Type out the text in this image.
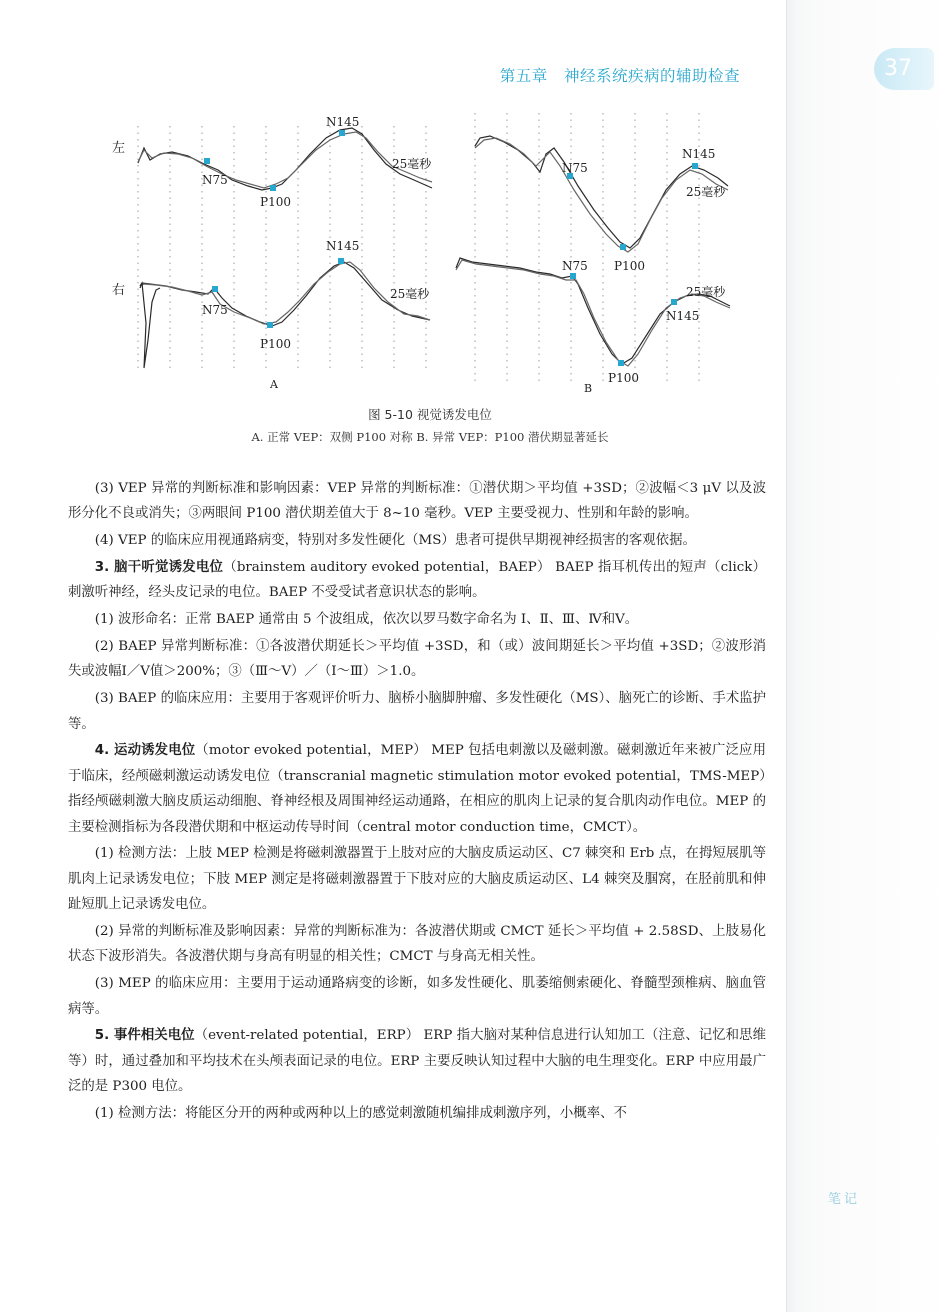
第五章 神经系统疾病的辅助检查	37
左
右
N75
P100
N145
25毫秒
N75
P100
N145
25毫秒
A
N75
P100
N145
25毫秒
N75
P100
N145
25毫秒
B
图 5-10 视觉诱发电位
A. 正常 VEP：双侧 P100 对称 B. 异常 VEP：P100 潜伏期显著延长

(3) VEP 异常的判断标准和影响因素：VEP 异常的判断标准：①潜伏期＞平均值 +3SD；②波幅＜3 μV 以及波形分化不良或消失；③两眼间 P100 潜伏期差值大于 8~10 毫秒。VEP 主要受视力、性别和年龄的影响。

(4) VEP 的临床应用视通路病变，特别对多发性硬化（MS）患者可提供早期视神经损害的客观依据。

3. 脑干听觉诱发电位（brainstem auditory evoked potential，BAEP） BAEP 指耳机传出的短声（click）刺激听神经，经头皮记录的电位。BAEP 不受受试者意识状态的影响。

(1) 波形命名：正常 BAEP 通常由 5 个波组成，依次以罗马数字命名为 Ⅰ、Ⅱ、Ⅲ、Ⅳ和Ⅴ。

(2) BAEP 异常判断标准：①各波潜伏期延长＞平均值 +3SD，和（或）波间期延长＞平均值 +3SD；②波形消失或波幅Ⅰ／Ⅴ值＞200%；③（Ⅲ～Ⅴ）／（Ⅰ～Ⅲ）＞1.0。

(3) BAEP 的临床应用：主要用于客观评价听力、脑桥小脑脚肿瘤、多发性硬化（MS）、脑死亡的诊断、手术监护等。

4. 运动诱发电位（motor evoked potential，MEP） MEP 包括电刺激以及磁刺激。磁刺激近年来被广泛应用于临床，经颅磁刺激运动诱发电位（transcranial magnetic stimulation motor evoked potential，TMS-MEP）指经颅磁刺激大脑皮质运动细胞、脊神经根及周围神经运动通路，在相应的肌肉上记录的复合肌肉动作电位。MEP 的主要检测指标为各段潜伏期和中枢运动传导时间（central motor conduction time，CMCT）。

(1) 检测方法：上肢 MEP 检测是将磁刺激器置于上肢对应的大脑皮质运动区、C7 棘突和 Erb 点，在拇短展肌等肌肉上记录诱发电位；下肢 MEP 测定是将磁刺激器置于下肢对应的大脑皮质运动区、L4 棘突及腘窝，在胫前肌和伸趾短肌上记录诱发电位。

(2) 异常的判断标准及影响因素：异常的判断标准为：各波潜伏期或 CMCT 延长＞平均值 + 2.58SD、上肢易化状态下波形消失。各波潜伏期与身高有明显的相关性；CMCT 与身高无相关性。

(3) MEP 的临床应用：主要用于运动通路病变的诊断，如多发性硬化、肌萎缩侧索硬化、脊髓型颈椎病、脑血管病等。

5. 事件相关电位（event-related potential，ERP） ERP 指大脑对某种信息进行认知加工（注意、记忆和思维等）时，通过叠加和平均技术在头颅表面记录的电位。ERP 主要反映认知过程中大脑的电生理变化。ERP 中应用最广泛的是 P300 电位。

(1) 检测方法：将能区分开的两种或两种以上的感觉刺激随机编排成刺激序列，小概率、不

笔记
